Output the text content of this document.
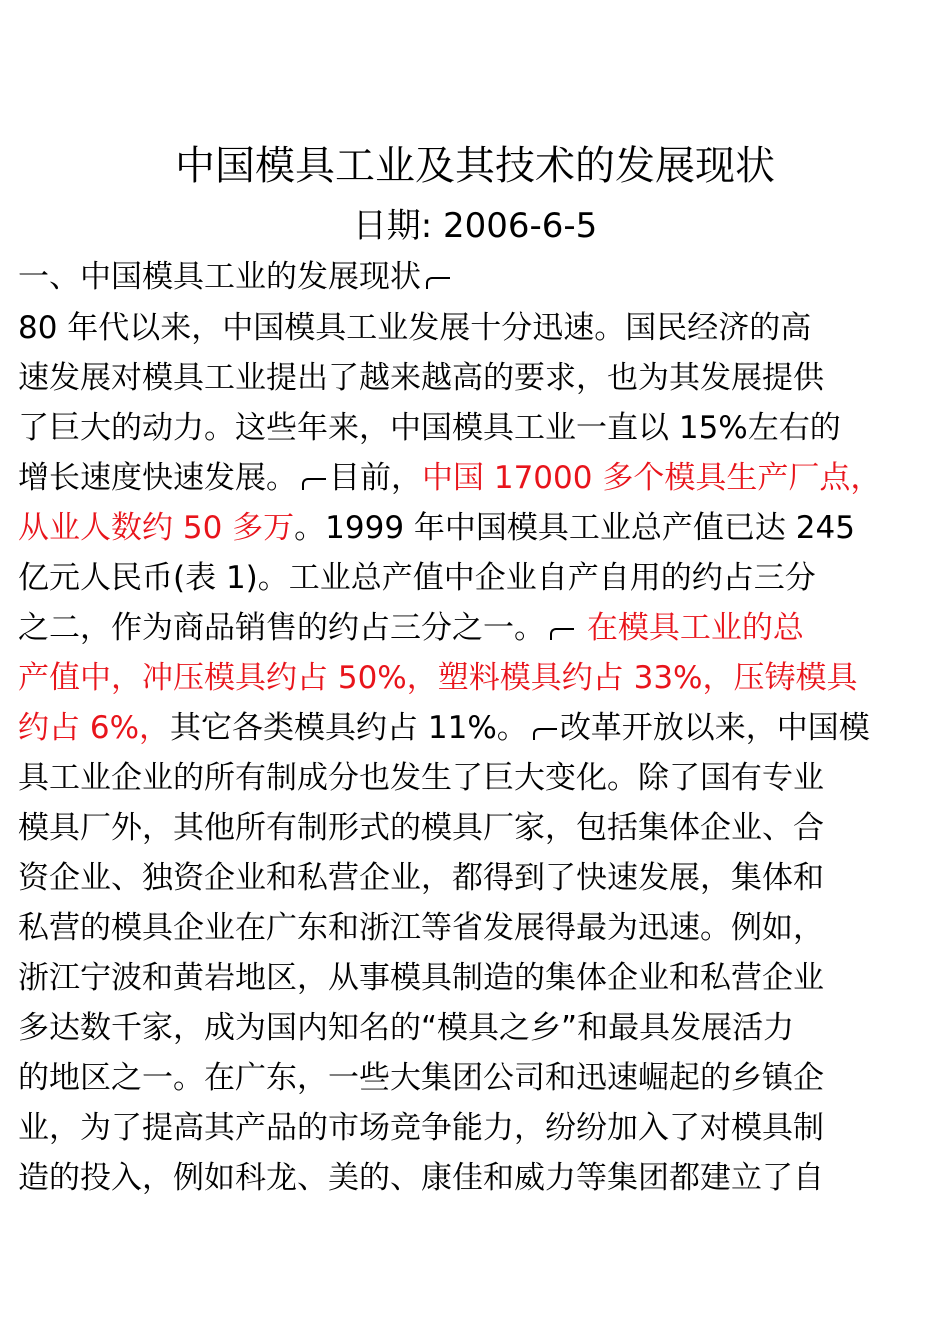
中国模具工业及其技术的发展现状
日期: 2006-6-5
一、中国模具工业的发展现状
80 年代以来，中国模具工业发展十分迅速。国民经济的高
速发展对模具工业提出了越来越高的要求，也为其发展提供
了巨大的动力。这些年来，中国模具工业一直以 15%左右的
增长速度快速发展。 目前，中国 17000 多个模具生产厂点，
从业人数约 50 多万。1999 年中国模具工业总产值已达 245
亿元人民币(表 1)。工业总产值中企业自产自用的约占三分
之二，作为商品销售的约占三分之一。 在模具工业的总
产值中，冲压模具约占 50%，塑料模具约占 33%，压铸模具
约占 6%，其它各类模具约占 11%。 改革开放以来，中国模
具工业企业的所有制成分也发生了巨大变化。除了国有专业
模具厂外，其他所有制形式的模具厂家，包括集体企业、合
资企业、独资企业和私营企业，都得到了快速发展，集体和
私营的模具企业在广东和浙江等省发展得最为迅速。例如，
浙江宁波和黄岩地区，从事模具制造的集体企业和私营企业
多达数千家，成为国内知名的“模具之乡”和最具发展活力
的地区之一。在广东，一些大集团公司和迅速崛起的乡镇企
业，为了提高其产品的市场竞争能力，纷纷加入了对模具制
造的投入，例如科龙、美的、康佳和威力等集团都建立了自
